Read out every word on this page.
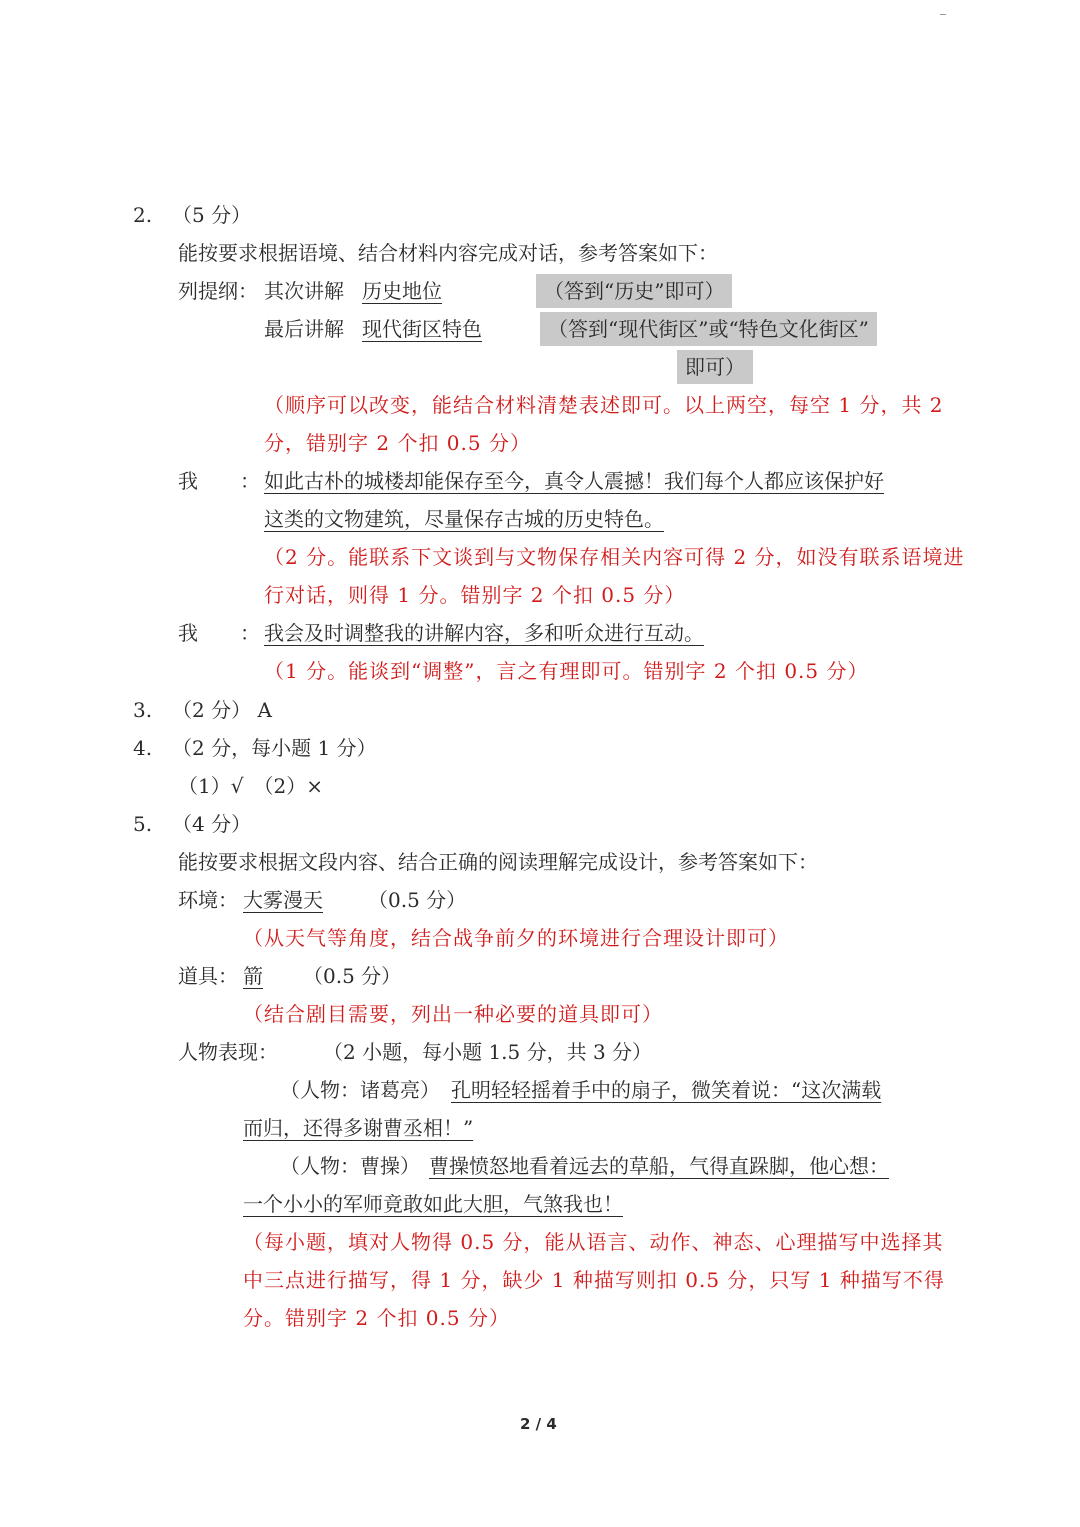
2. （5 分）
能按要求根据语境、结合材料内容完成对话，参考答案如下：
列提纲： 其次讲解 历史地位	（答到“历史”即可）
最后讲解 现代街区特色	（答到“现代街区”或“特色文化街区”
即可）
（顺序可以改变，能结合材料清楚表述即可。以上两空，每空 1 分，共 2
分，错别字 2 个扣 0.5 分）
我 ： 如此古朴的城楼却能保存至今，真令人震撼！我们每个人都应该保护好
这类的文物建筑，尽量保存古城的历史特色。
（2 分。能联系下文谈到与文物保存相关内容可得 2 分，如没有联系语境进
行对话，则得 1 分。错别字 2 个扣 0.5 分）
我 ： 我会及时调整我的讲解内容，多和听众进行互动。
（1 分。能谈到“调整”，言之有理即可。错别字 2 个扣 0.5 分）
3. （2 分） A
4. （2 分，每小题 1 分）
（1）√　（2）×
5. （4 分）
能按要求根据文段内容、结合正确的阅读理解完成设计，参考答案如下：
环境： 大雾漫天 （0.5 分）
（从天气等角度，结合战争前夕的环境进行合理设计即可）
道具： 箭 （0.5 分）
（结合剧目需要，列出一种必要的道具即可）
人物表现： （2 小题，每小题 1.5 分，共 3 分）
（人物：诸葛亮） 孔明轻轻摇着手中的扇子，微笑着说：“这次满载
而归，还得多谢曹丞相！”
（人物：曹操） 曹操愤怒地看着远去的草船，气得直跺脚，他心想：
一个小小的军师竟敢如此大胆，气煞我也！
（每小题，填对人物得 0.5 分，能从语言、动作、神态、心理描写中选择其
中三点进行描写，得 1 分，缺少 1 种描写则扣 0.5 分，只写 1 种描写不得
分。错别字 2 个扣 0.5 分）
2 / 4
